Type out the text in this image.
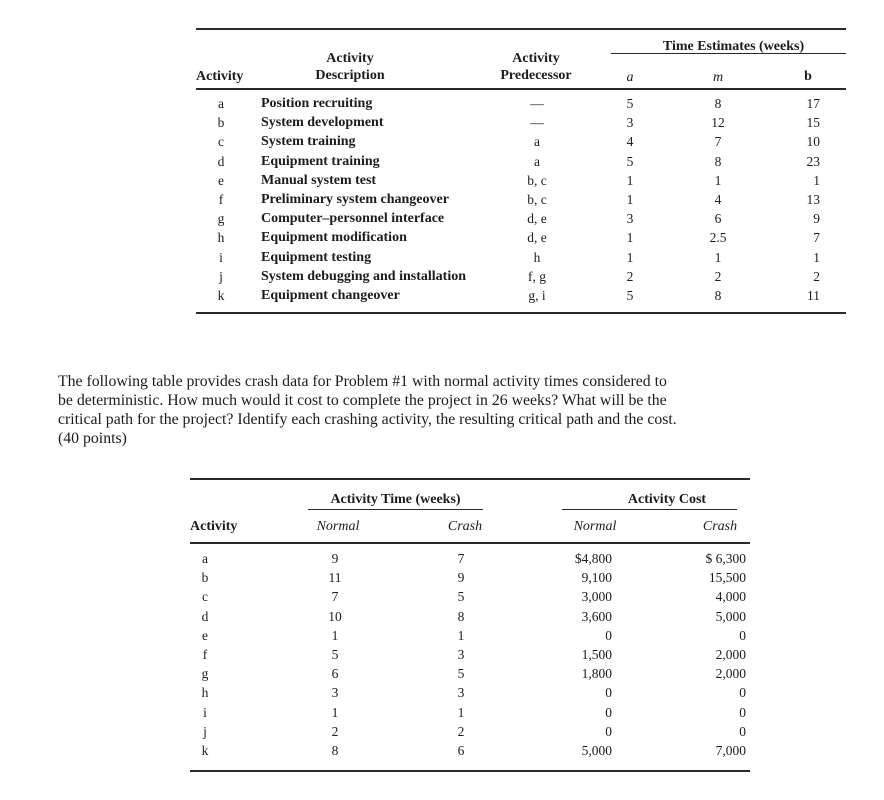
Activity
Activity
Description
Activity
Predecessor
Time Estimates (weeks)
a	m	b
a	Position recruiting	—	5	8	17
b	System development	—	3	12	15
c	System training	a	4	7	10
d	Equipment training	a	5	8	23
e	Manual system test	b, c	1	1	1
f	Preliminary system changeover	b, c	1	4	13
g	Computer–personnel interface	d, e	3	6	9
h	Equipment modification	d, e	1	2.5	7
i	Equipment testing	h	1	1	1
j	System debugging and installation	f, g	2	2	2
k	Equipment changeover	g, i	5	8	11
The following table provides crash data for Problem #1 with normal activity times considered to
be deterministic. How much would it cost to complete the project in 26 weeks? What will be the
critical path for the project? Identify each crashing activity, the resulting critical path and the cost.
(40 points)
Activity Time (weeks)	Activity Cost
Activity	Normal	Crash	Normal	Crash
a	9	7	$4,800	$ 6,300
b	11	9	9,100	15,500
c	7	5	3,000	4,000
d	10	8	3,600	5,000
e	1	1	0	0
f	5	3	1,500	2,000
g	6	5	1,800	2,000
h	3	3	0	0
i	1	1	0	0
j	2	2	0	0
k	8	6	5,000	7,000
